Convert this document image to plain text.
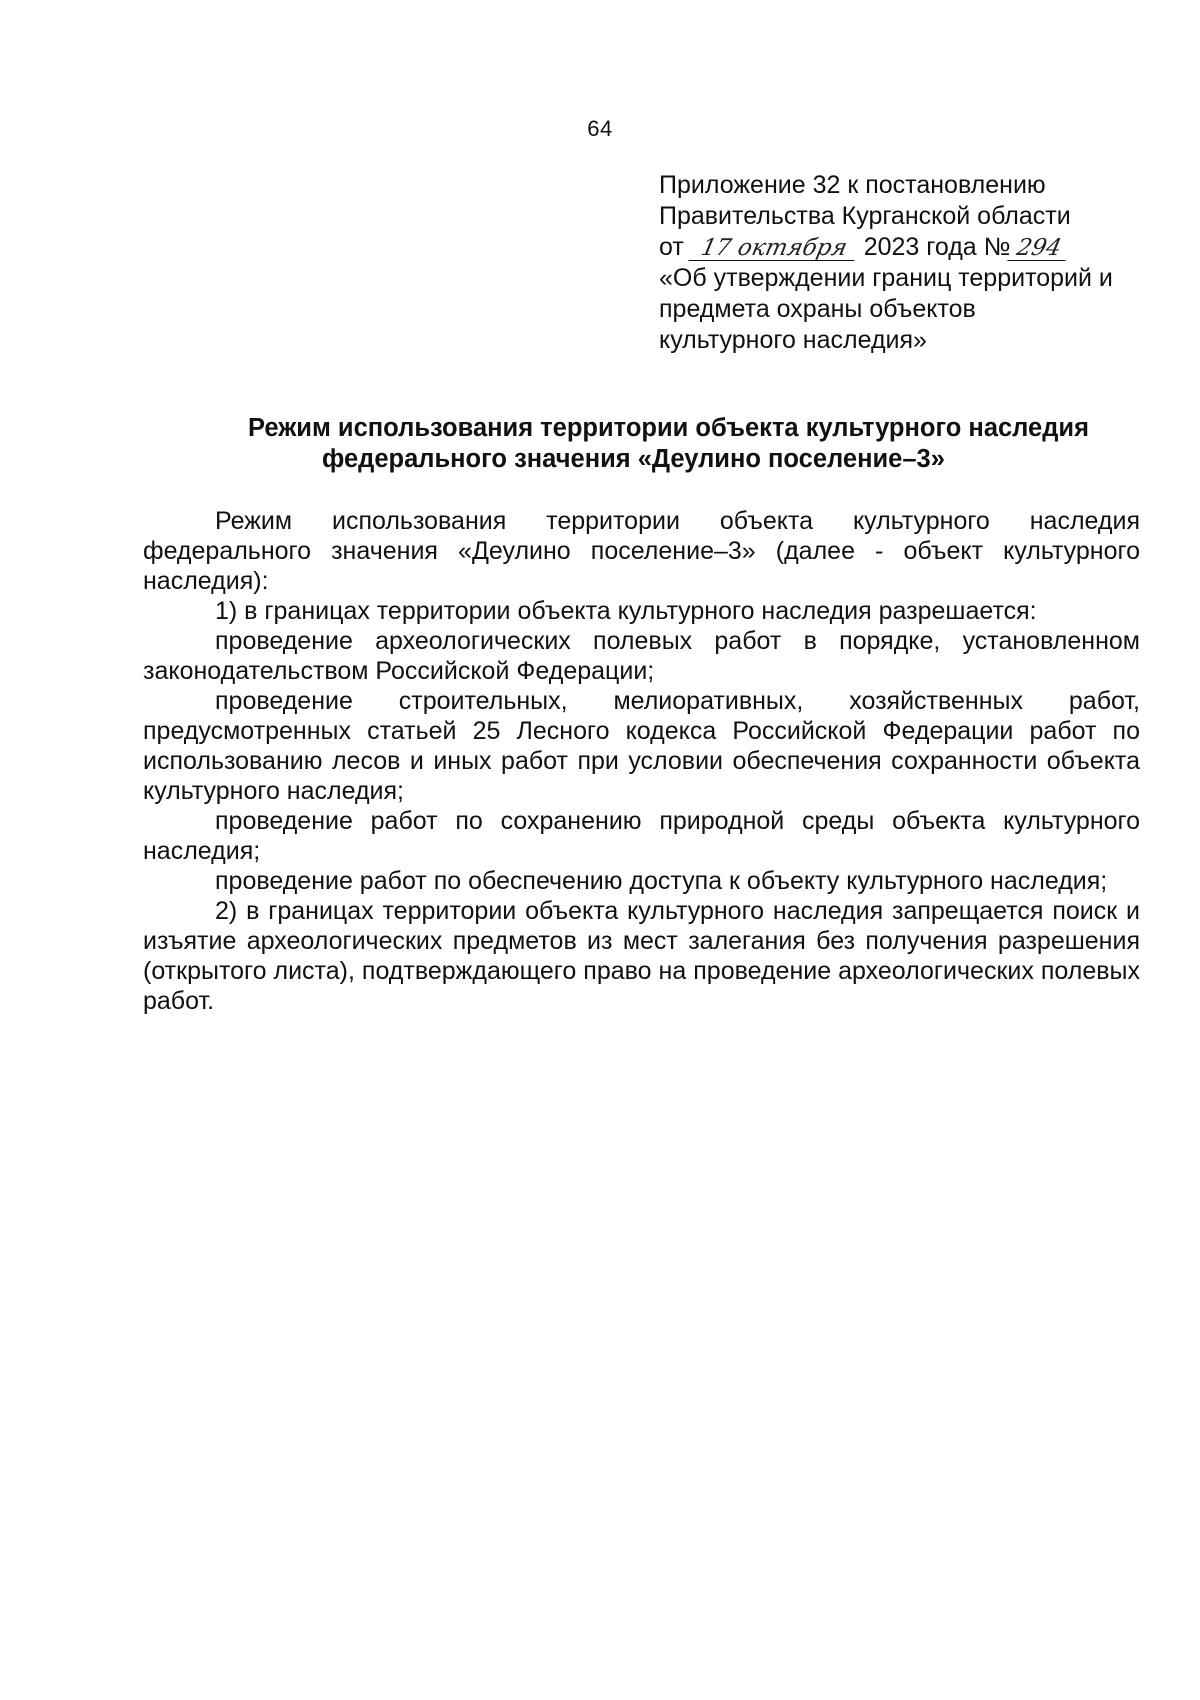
64
Приложение 32 к постановлению
Правительства Курганской области
от 17 октября 2023 года № 294
«Об утверждении границ территорий и
предмета охраны объектов
культурного наследия»
Режим использования территории объекта культурного наследия
федерального значения «Деулино поселение–3»

Режим использования территории объекта культурного наследия федерального значения «Деулино поселение–3» (далее - объект культурного наследия):

1) в границах территории объекта культурного наследия разрешается:

проведение археологических полевых работ в порядке, установленном законодательством Российской Федерации;

проведение строительных, мелиоративных, хозяйственных работ, предусмотренных статьей 25 Лесного кодекса Российской Федерации работ по использованию лесов и иных работ при условии обеспечения сохранности объекта культурного наследия;

проведение работ по сохранению природной среды объекта культурного наследия;

проведение работ по обеспечению доступа к объекту культурного наследия;

2) в границах территории объекта культурного наследия запрещается поиск и изъятие археологических предметов из мест залегания без получения разрешения (открытого листа), подтверждающего право на проведение археологических полевых работ.
